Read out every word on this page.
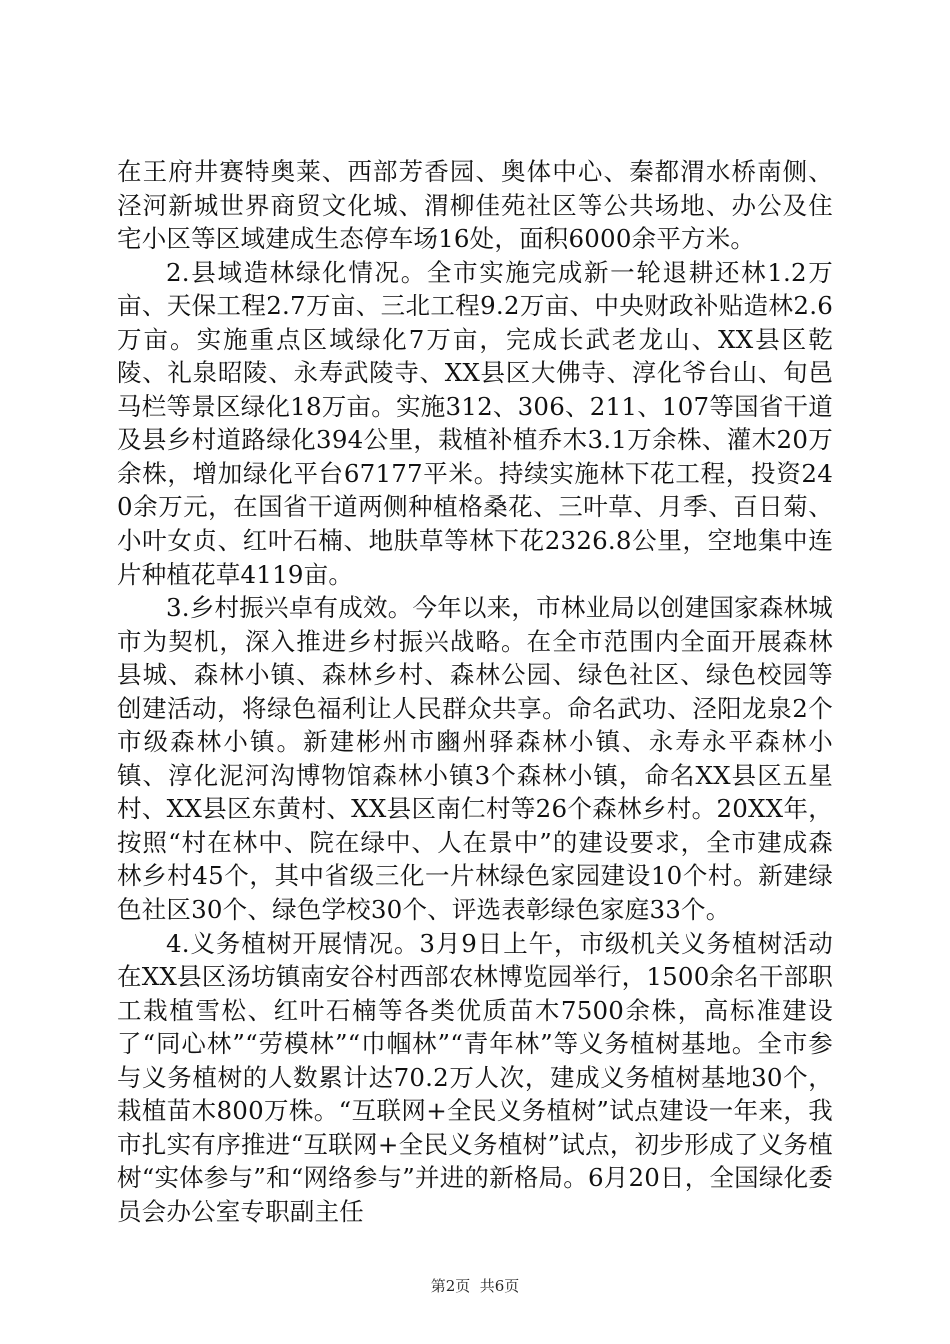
在王府井赛特奥莱、西部芳香园、奥体中心、秦都渭水桥南侧、泾河新城世界商贸文化城、渭柳佳苑社区等公共场地、办公及住宅小区等区域建成生态停车场16处，面积6000余平方米。

2.县域造林绿化情况。全市实施完成新一轮退耕还林1.2万亩、天保工程2.7万亩、三北工程9.2万亩、中央财政补贴造林2.6万亩。实施重点区域绿化7万亩，完成长武老龙山、XX县区乾陵、礼泉昭陵、永寿武陵寺、XX县区大佛寺、淳化爷台山、旬邑马栏等景区绿化18万亩。实施312、306、211、107等国省干道及县乡村道路绿化394公里，栽植补植乔木3.1万余株、灌木20万余株，增加绿化平台67177平米。持续实施林下花工程，投资240余万元，在国省干道两侧种植格桑花、三叶草、月季、百日菊、小叶女贞、红叶石楠、地肤草等林下花2326.8公里，空地集中连片种植花草4119亩。

3.乡村振兴卓有成效。今年以来，市林业局以创建国家森林城市为契机，深入推进乡村振兴战略。在全市范围内全面开展森林县城、森林小镇、森林乡村、森林公园、绿色社区、绿色校园等创建活动，将绿色福利让人民群众共享。命名武功、泾阳龙泉2个市级森林小镇。新建彬州市豳州驿森林小镇、永寿永平森林小镇、淳化泥河沟博物馆森林小镇3个森林小镇，命名XX县区五星村、XX县区东黄村、XX县区南仁村等26个森林乡村。20XX年，按照“村在林中、院在绿中、人在景中”的建设要求，全市建成森林乡村45个，其中省级三化一片林绿色家园建设10个村。新建绿色社区30个、绿色学校30个、评选表彰绿色家庭33个。

4.义务植树开展情况。3月9日上午，市级机关义务植树活动在XX县区汤坊镇南安谷村西部农林博览园举行，1500余名干部职工栽植雪松、红叶石楠等各类优质苗木7500余株，高标准建设了“同心林”“劳模林”“巾帼林”“青年林”等义务植树基地。全市参与义务植树的人数累计达70.2万人次，建成义务植树基地30个，栽植苗木800万株。“互联网+全民义务植树”试点建设一年来，我市扎实有序推进“互联网+全民义务植树”试点，初步形成了义务植树“实体参与”和“网络参与”并进的新格局。6月20日，全国绿化委员会办公室专职副主任

第2页  共6页
